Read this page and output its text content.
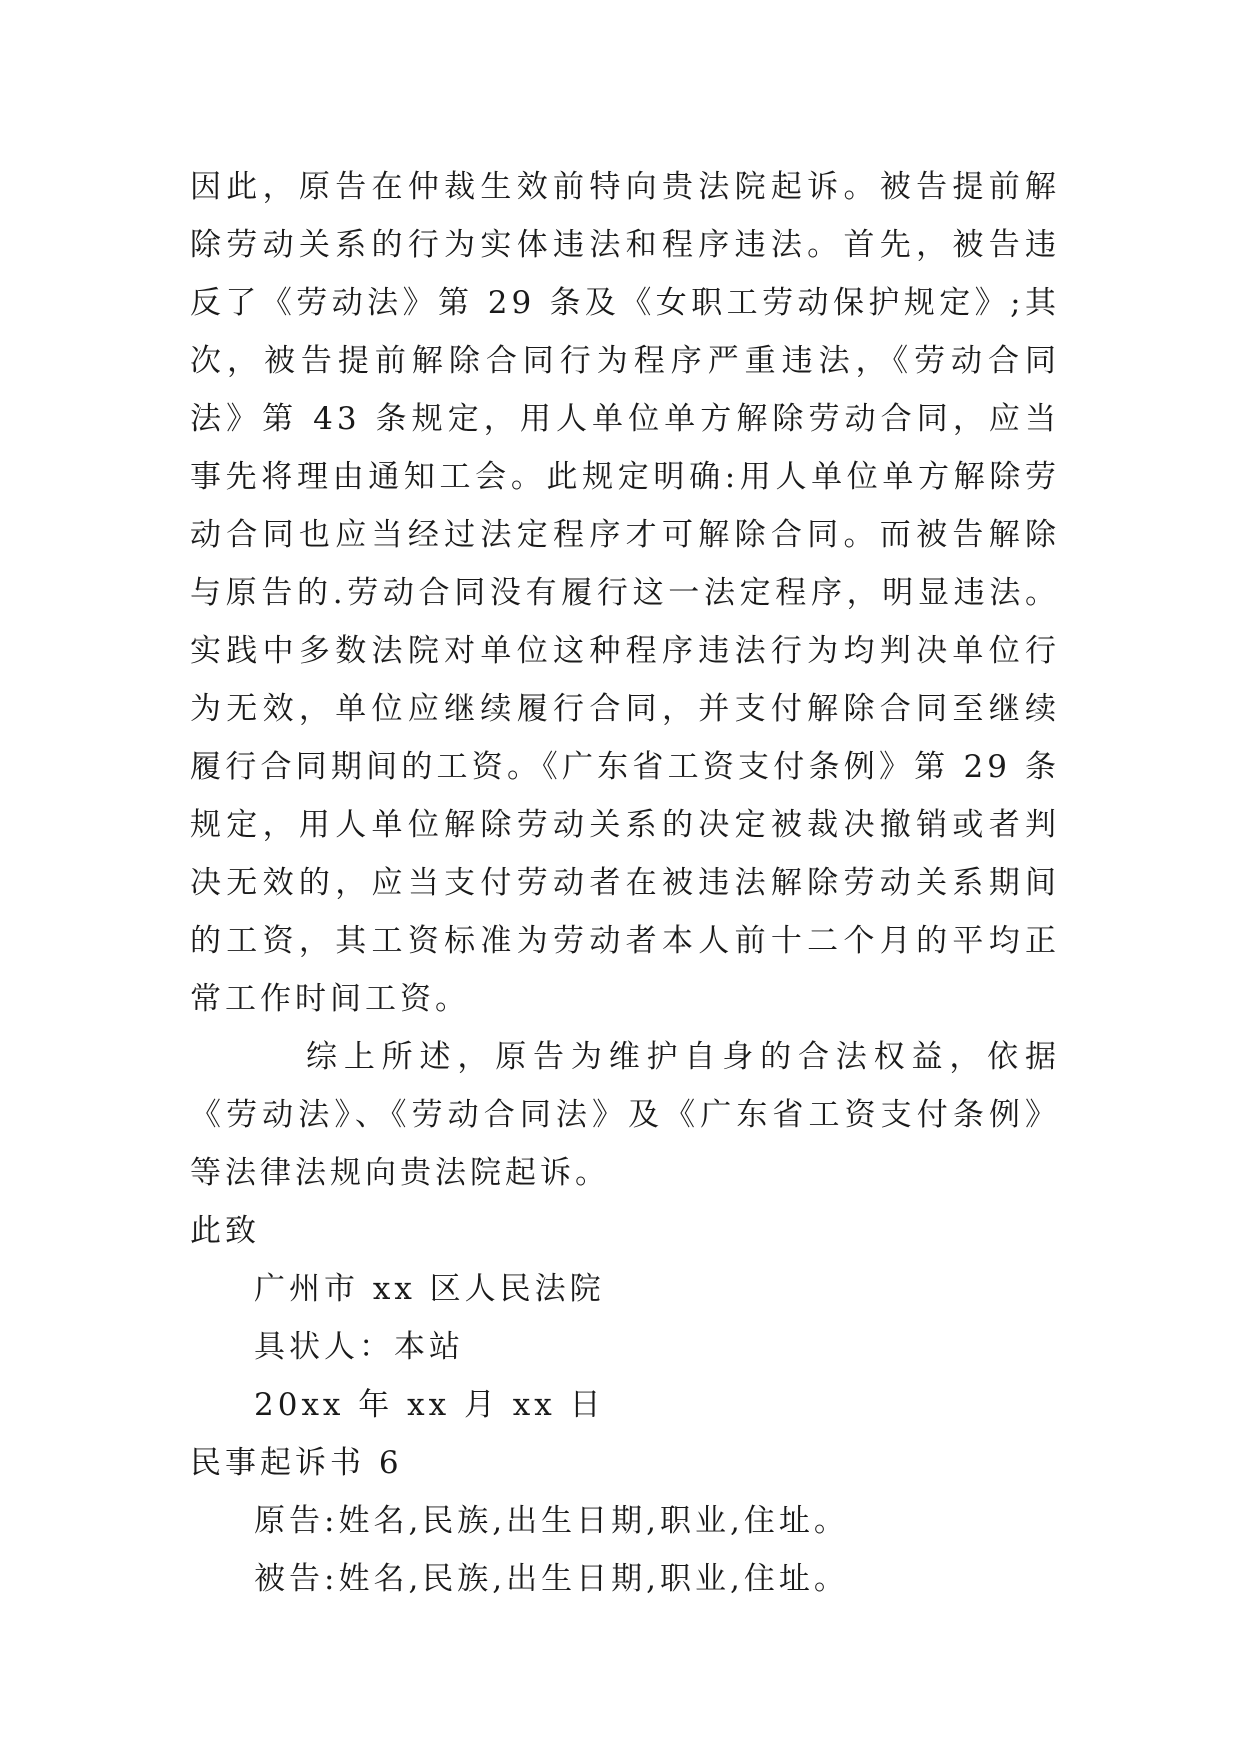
因此，原告在仲裁生效前特向贵法院起诉。被告提前解除劳动关系的行为实体违法和程序违法。首先，被告违反了《劳动法》第 29 条及《女职工劳动保护规定》;其次，被告提前解除合同行为程序严重违法，《劳动合同法》第 43 条规定，用人单位单方解除劳动合同，应当事先将理由通知工会。此规定明确:用人单位单方解除劳动合同也应当经过法定程序才可解除合同。而被告解除与原告的.劳动合同没有履行这一法定程序，明显违法。实践中多数法院对单位这种程序违法行为均判决单位行为无效，单位应继续履行合同，并支付解除合同至继续履行合同期间的工资。《广东省工资支付条例》第 29 条规定，用人单位解除劳动关系的决定被裁决撤销或者判决无效的，应当支付劳动者在被违法解除劳动关系期间的工资，其工资标准为劳动者本人前十二个月的平均正常工作时间工资。

综上所述，原告为维护自身的合法权益，依据《劳动法》、《劳动合同法》及《广东省工资支付条例》等法律法规向贵法院起诉。

此致

广州市 xx 区人民法院

具状人：本站

20xx 年 xx 月 xx 日

民事起诉书 6

原告:姓名,民族,出生日期,职业,住址。

被告:姓名,民族,出生日期,职业,住址。
